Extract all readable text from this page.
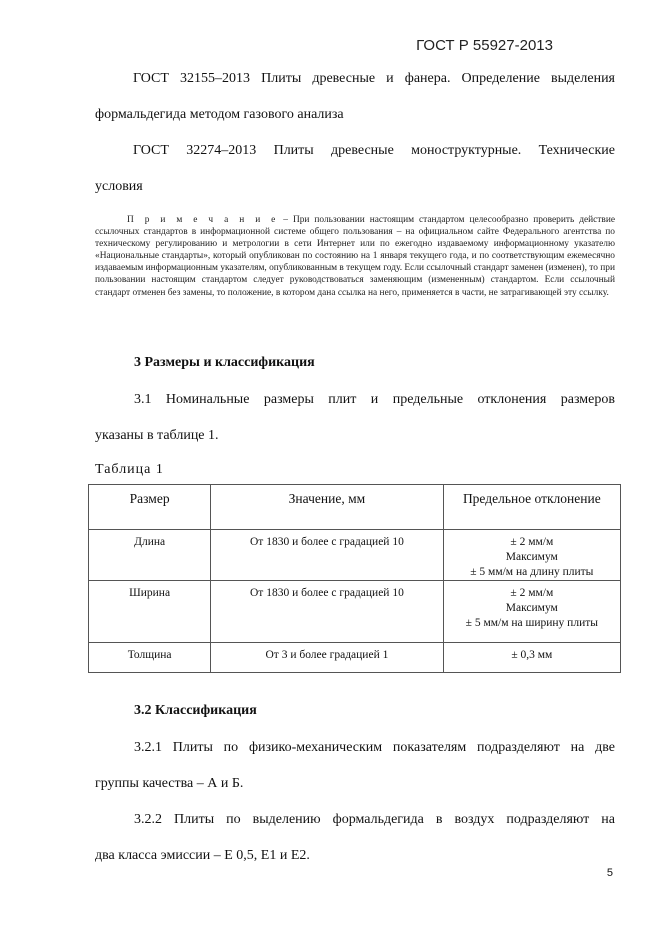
ГОСТ Р 55927-2013
ГОСТ 32155–2013 Плиты древесные и фанера. Определение выделения
формальдегида методом газового анализа
ГОСТ 32274–2013 Плиты древесные моноструктурные. Технические
условия
П р и м е ч а н и е – При пользовании настоящим стандартом целесообразно проверить действие ссылочных стандартов в информационной системе общего пользования – на официальном сайте Федерального агентства по техническому регулированию и метрологии в сети Интернет или по ежегодно издаваемому информационному указателю «Национальные стандарты», который опубликован по состоянию на 1 января текущего года, и по соответствующим ежемесячно издаваемым информационным указателям, опубликованным в текущем году. Если ссылочный стандарт заменен (изменен), то при пользовании настоящим стандартом следует руководствоваться заменяющим (измененным) стандартом. Если ссылочный стандарт отменен без замены, то положение, в котором дана ссылка на него, применяется в части, не затрагивающей эту ссылку.
3 Размеры и классификация
3.1 Номинальные размеры плит и предельные отклонения размеров
указаны в таблице 1.
Таблица 1
Размер	Значение, мм	Предельное отклонение
Длина	От 1830 и более с градацией 10	± 2 мм/м
Максимум
± 5 мм/м на длину плиты

Ширина	От 1830 и более с градацией 10	± 2 мм/м
Максимум
± 5 мм/м на ширину плиты

Толщина	От 3 и более градацией 1	± 0,3 мм
3.2 Классификация
3.2.1 Плиты по физико-механическим показателям подразделяют на две
группы качества – А и Б.
3.2.2 Плиты по выделению формальдегида в воздух подразделяют на
два класса эмиссии – Е 0,5, Е1 и Е2.
5
